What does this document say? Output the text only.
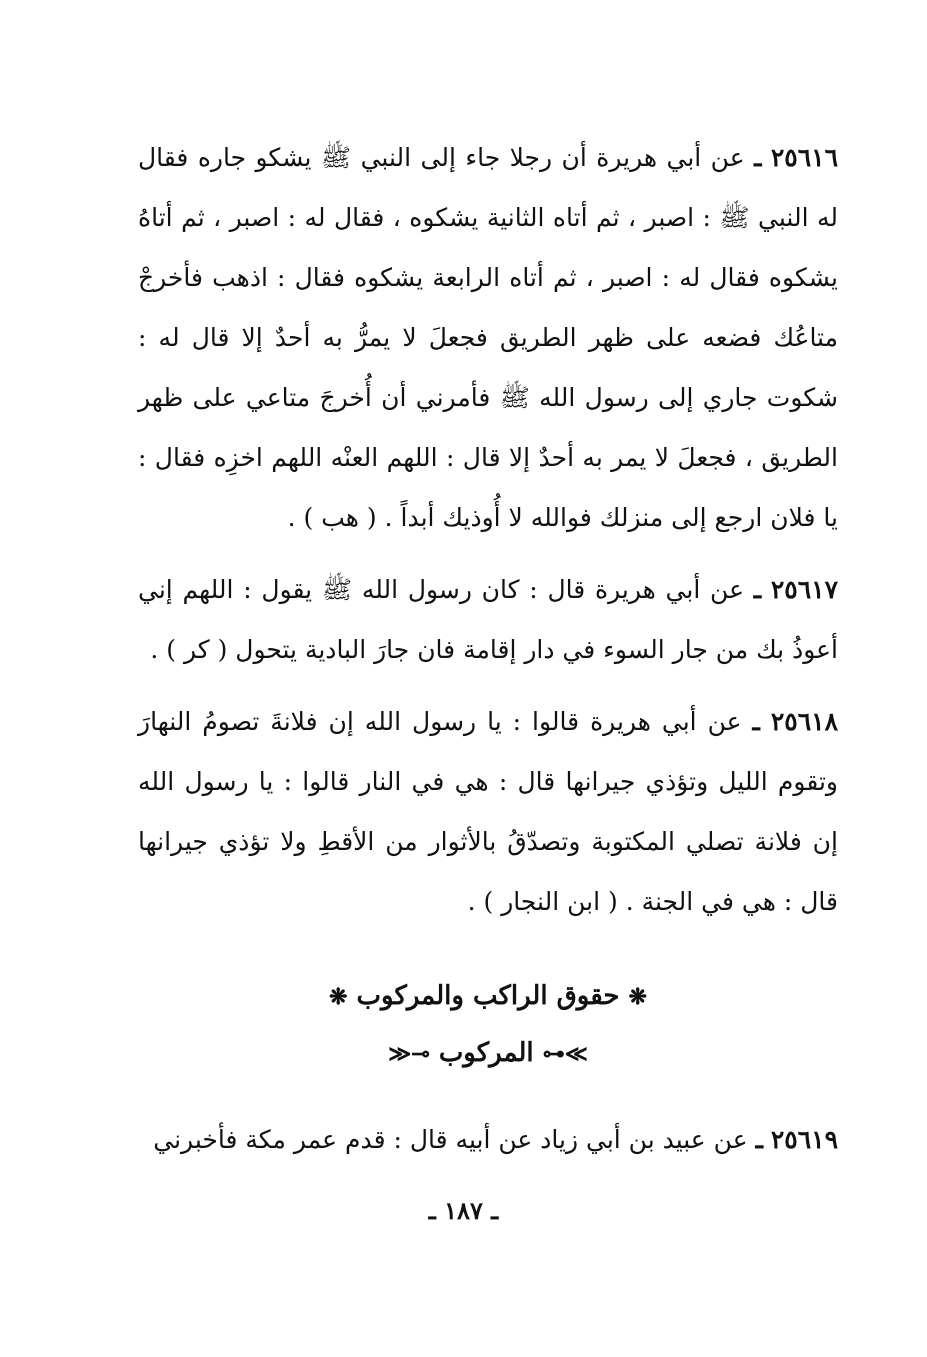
٢٥٦١٦ ـ عن أبي هريرة أن رجلا جاء إلى النبي ﷺ يشكو جاره فقال له النبي ﷺ : اصبر ، ثم أتاه الثانية يشكوه ، فقال له : اصبر ، ثم أتاهُ يشكوه فقال له : اصبر ، ثم أتاه الرابعة يشكوه فقال : اذهب فأخرجْ متاعُك فضعه على ظهر الطريق فجعلَ لا يمرُّ به أحدٌ إلا قال له : شكوت جاري إلى رسول الله ﷺ فأمرني أن أُخرجَ متاعي على ظهر الطريق ، فجعلَ لا يمر به أحدٌ إلا قال : اللهم العنْه اللهم اخزِه فقال : يا فلان ارجع إلى منزلك فوالله لا أُوذيك أبداً . ( هب ) .

٢٥٦١٧ ـ عن أبي هريرة قال : كان رسول الله ﷺ يقول : اللهم إني أعوذُ بك من جار السوء في دار إقامة فان جارَ البادية يتحول ( كر ) .

٢٥٦١٨ ـ عن أبي هريرة قالوا : يا رسول الله إن فلانةَ تصومُ النهارَ وتقوم الليل وتؤذي جيرانها قال : هي في النار قالوا : يا رسول الله إن فلانة تصلي المكتوبة وتصدّقُ بالأثوار من الأقطِ ولا تؤذي جيرانها قال : هي في الجنة . ( ابن النجار ) .

❋ حقوق الراكب والمركوب ❋
≫⊷ المركوب ⊸≪

٢٥٦١٩ ـ عن عبيد بن أبي زياد عن أبيه قال : قدم عمر مكة فأخبرني

ـ ١٨٧ ـ
